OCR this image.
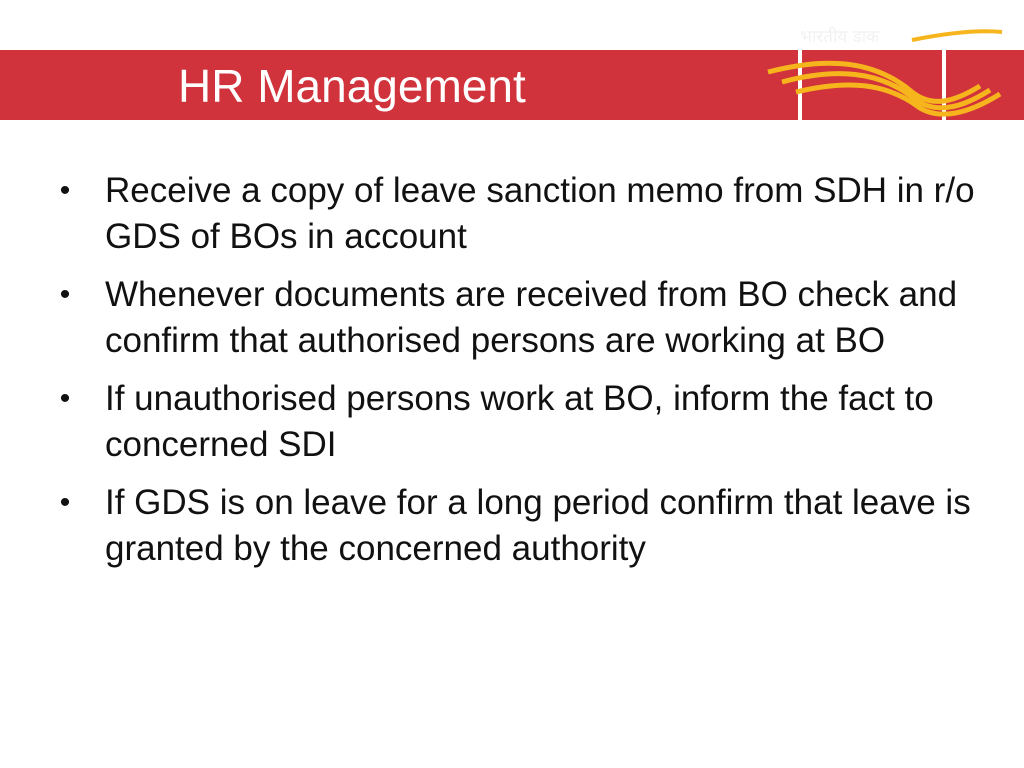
HR Management
भारतीय डाक
• Receive a copy of leave sanction memo from SDH in r/o GDS of BOs in account
• Whenever documents are received from BO check and confirm that authorised persons are working at BO
• If unauthorised persons work at BO, inform the fact to concerned SDI
• If GDS is on leave for a long period confirm that leave is granted by the concerned authority
